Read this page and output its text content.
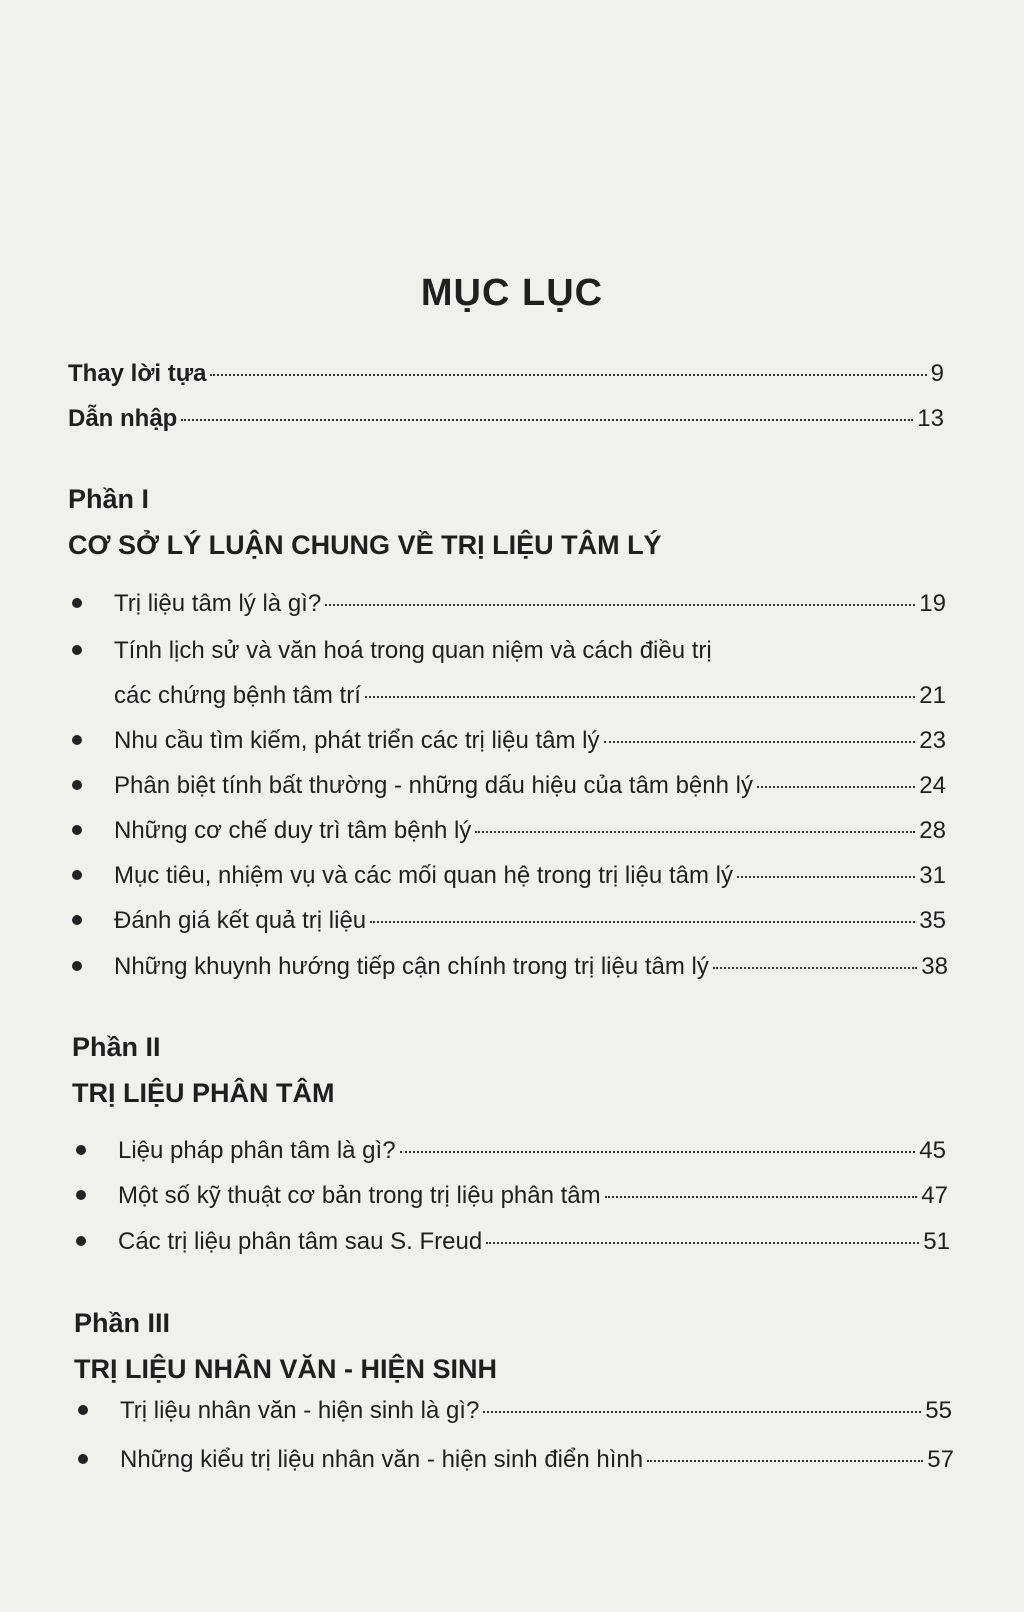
MỤC LỤC
Thay lời tựa	9
Dẫn nhập	13
Phần I
CƠ SỞ LÝ LUẬN CHUNG VỀ TRỊ LIỆU TÂM LÝ
Trị liệu tâm lý là gì?	19
Tính lịch sử và văn hoá trong quan niệm và cách điều trị
các chứng bệnh tâm trí	21
Nhu cầu tìm kiếm, phát triển các trị liệu tâm lý	23
Phân biệt tính bất thường - những dấu hiệu của tâm bệnh lý	24
Những cơ chế duy trì tâm bệnh lý	28
Mục tiêu, nhiệm vụ và các mối quan hệ trong trị liệu tâm lý	31
Đánh giá kết quả trị liệu	35
Những khuynh hướng tiếp cận chính trong trị liệu tâm lý	38
Phần II
TRỊ LIỆU PHÂN TÂM
Liệu pháp phân tâm là gì?	45
Một số kỹ thuật cơ bản trong trị liệu phân tâm	47
Các trị liệu phân tâm sau S. Freud	51
Phần III
TRỊ LIỆU NHÂN VĂN - HIỆN SINH
Trị liệu nhân văn - hiện sinh là gì?	55
Những kiểu trị liệu nhân văn - hiện sinh điển hình	57
